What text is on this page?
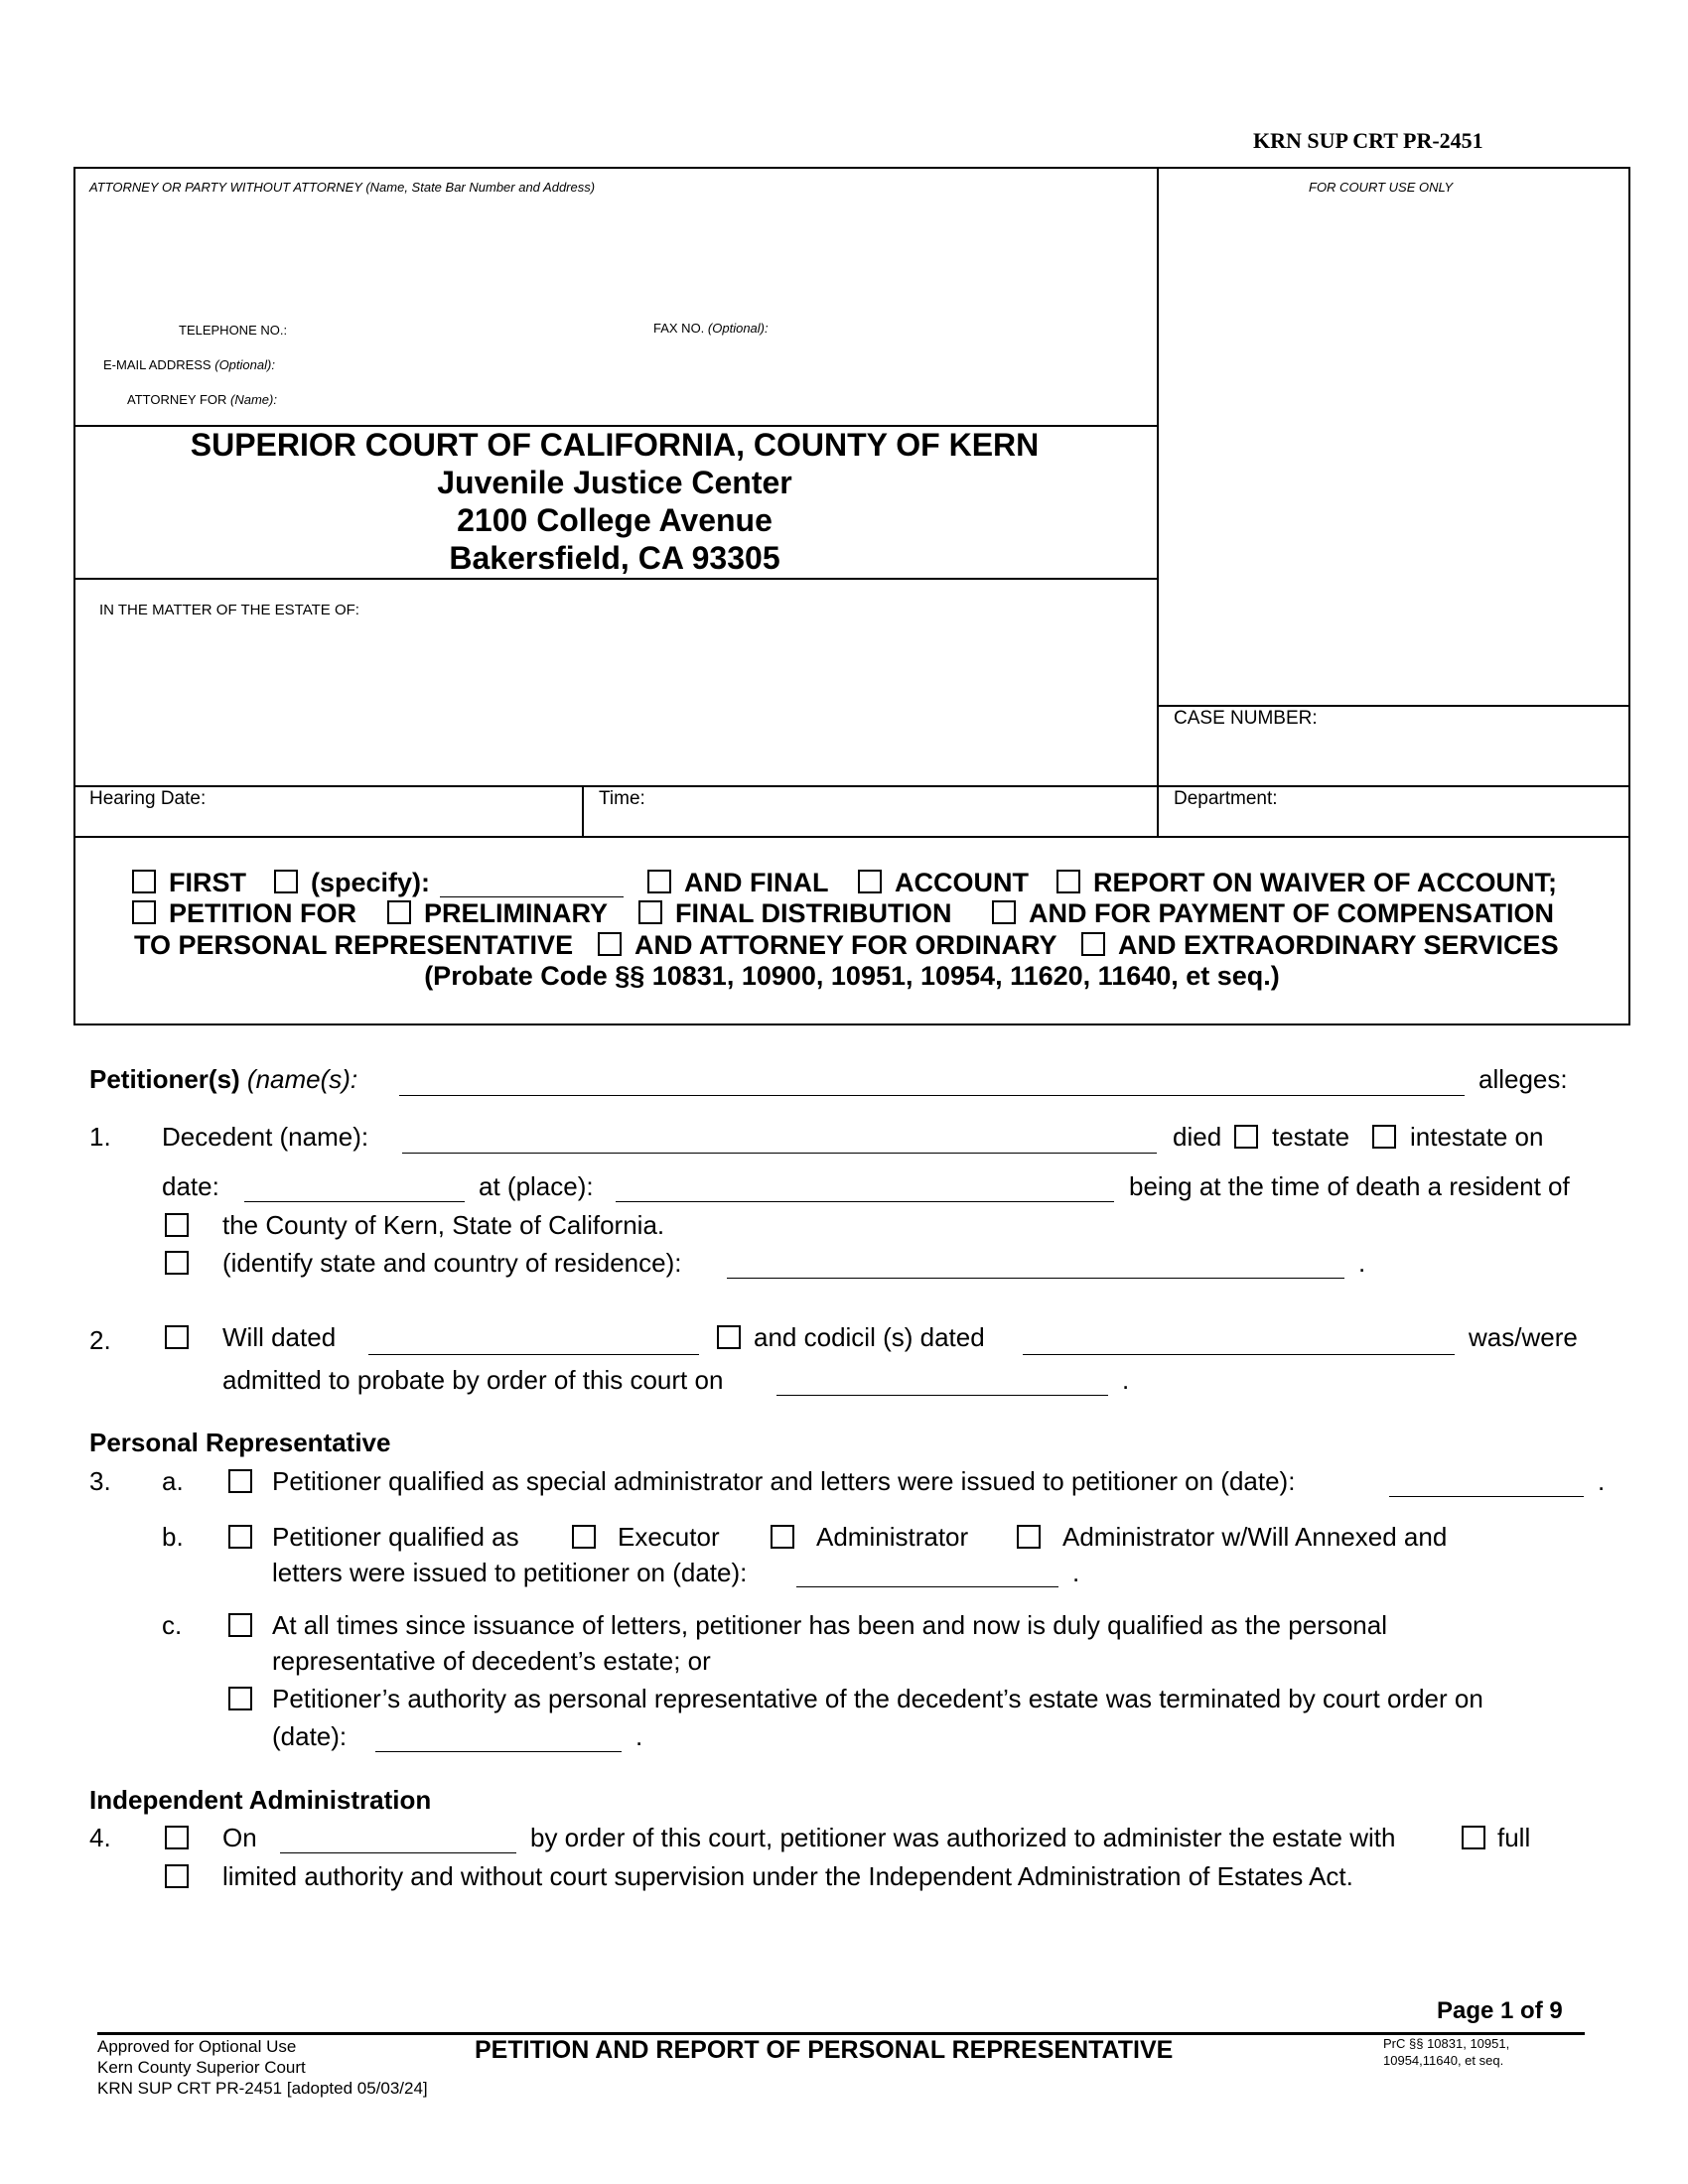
KRN SUP CRT PR-2451
ATTORNEY OR PARTY WITHOUT ATTORNEY (Name, State Bar Number and Address)	FOR COURT USE ONLY
TELEPHONE NO.:	FAX NO. (Optional):
E-MAIL ADDRESS (Optional):
ATTORNEY FOR (Name):
SUPERIOR COURT OF CALIFORNIA, COUNTY OF KERN
Juvenile Justice Center
2100 College Avenue
Bakersfield, CA 93305
IN THE MATTER OF THE ESTATE OF:
CASE NUMBER:
Hearing Date:	Time:	Department:
FIRST (specify):	AND FINAL ACCOUNT REPORT ON WAIVER OF ACCOUNT;
PETITION FOR	PRELIMINARY	FINAL DISTRIBUTION	AND FOR PAYMENT OF COMPENSATION
TO PERSONAL REPRESENTATIVE AND ATTORNEY FOR ORDINARY AND EXTRAORDINARY SERVICES
(Probate Code §§ 10831, 10900, 10951, 10954, 11620, 11640, et seq.)
Petitioner(s) (name(s):	alleges:
1. Decedent (name):	died testate intestate on
date:	at (place):	being at the time of death a resident of
the County of Kern, State of California.
(identify state and country of residence):	.
2.	Will dated	and codicil (s) dated	was/were
admitted to probate by order of this court on	.
Personal Representative
3. a.	Petitioner qualified as special administrator and letters were issued to petitioner on (date):	.
b.	Petitioner qualified as	Executor	Administrator	Administrator w/Will Annexed and
letters were issued to petitioner on (date):	.
c.	At all times since issuance of letters, petitioner has been and now is duly qualified as the personal
representative of decedent’s estate; or
Petitioner’s authority as personal representative of the decedent’s estate was terminated by court order on
(date):	.
Independent Administration
4.	On	by order of this court, petitioner was authorized to administer the estate with	full
limited authority and without court supervision under the Independent Administration of Estates Act.
Page 1 of 9
Approved for Optional Use
Kern County Superior Court
KRN SUP CRT PR-2451 [adopted 05/03/24]
PETITION AND REPORT OF PERSONAL REPRESENTATIVE	PrC §§ 10831, 10951,
10954,11640, et seq.
